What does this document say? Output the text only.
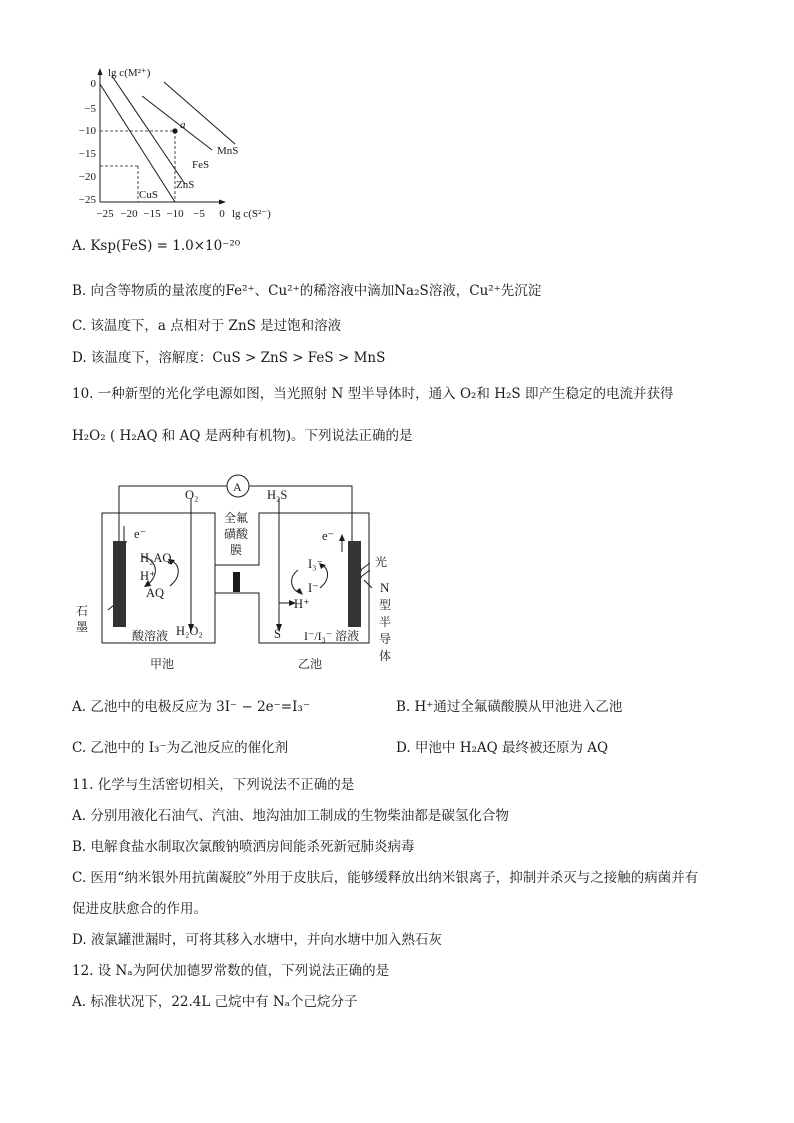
lg c(M²⁺)
lg c(S²⁻)
0
−5
−10
−15
−20
−25
−25 −20 −15 −10 −5 0
a
CuS
ZnS
FeS
MnS
A. Ksp(FeS) = 1.0×10⁻²⁰
B. 向含等物质的量浓度的Fe²⁺、Cu²⁺的稀溶液中滴加Na₂S溶液，Cu²⁺先沉淀
C. 该温度下，a 点相对于 ZnS 是过饱和溶液
D. 该温度下，溶解度：CuS > ZnS > FeS > MnS
10. 一种新型的光化学电源如图，当光照射 N 型半导体时，通入 O₂和 H₂S 即产生稳定的电流并获得
H₂O₂ ( H₂AQ 和 AQ 是两种有机物)。下列说法正确的是
A
O₂	H₂S
全氟
磺酸
膜
e⁻
H₂AQ
H⁺
AQ
H₂O₂
石
墨
酸溶液
甲池
e⁻
I₃⁻
I⁻
H⁺
S I⁻/I₃⁻ 溶液
乙池
光
N
型
半
导
体
A. 乙池中的电极反应为 3I⁻ − 2e⁻=I₃⁻	B. H⁺通过全氟磺酸膜从甲池进入乙池
C. 乙池中的 I₃⁻为乙池反应的催化剂	D. 甲池中 H₂AQ 最终被还原为 AQ
11. 化学与生活密切相关，下列说法不正确的是
A. 分别用液化石油气、汽油、地沟油加工制成的生物柴油都是碳氢化合物
B. 电解食盐水制取次氯酸钠喷洒房间能杀死新冠肺炎病毒
C. 医用“纳米银外用抗菌凝胶”外用于皮肤后，能够缓释放出纳米银离子，抑制并杀灭与之接触的病菌并有
促进皮肤愈合的作用。
D. 液氯罐泄漏时，可将其移入水塘中，并向水塘中加入熟石灰
12. 设 Nₐ为阿伏加德罗常数的值，下列说法正确的是
A. 标准状况下，22.4L 己烷中有 Nₐ个己烷分子
